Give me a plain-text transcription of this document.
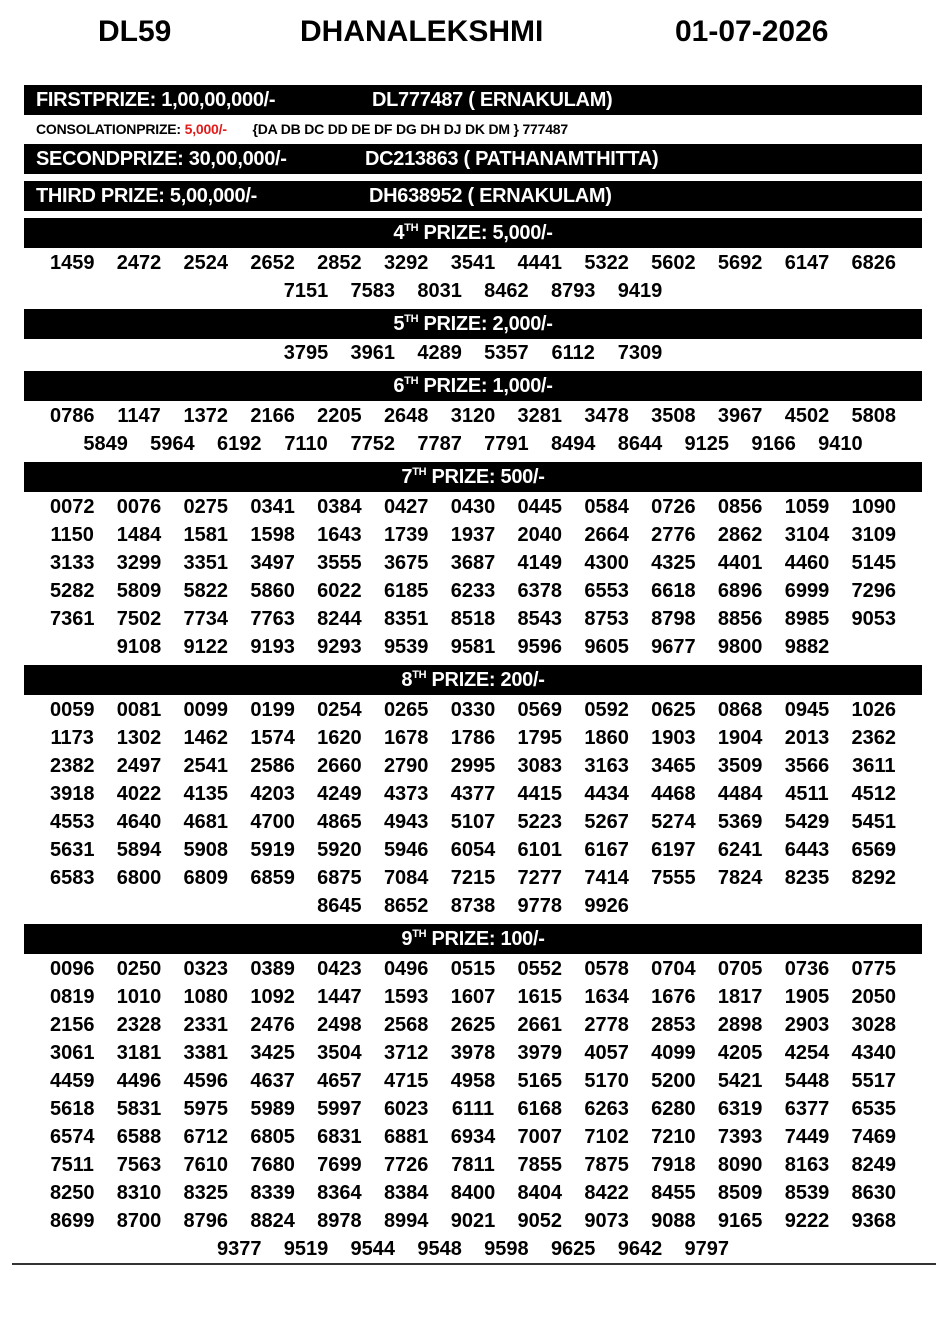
DL59	DHANALEKSHMI	01-07-2026
FIRSTPRIZE: 1,00,00,000/-	DL777487 ( ERNAKULAM)
CONSOLATIONPRIZE: 5,000/- {DA DB DC DD DE DF DG DH DJ DK DM } 777487
SECONDPRIZE: 30,00,000/-	DC213863 ( PATHANAMTHITTA)
THIRD PRIZE: 5,00,000/-	DH638952 ( ERNAKULAM)
4TH PRIZE: 5,000/-
1459	2472	2524	2652	2852	3292	3541	4441	5322	5602	5692	6147	6826
7151	7583	8031	8462	8793	9419
5TH PRIZE: 2,000/-
3795	3961	4289	5357	6112	7309
6TH PRIZE: 1,000/-
0786	1147	1372	2166	2205	2648	3120	3281	3478	3508	3967	4502	5808
5849	5964	6192	7110	7752	7787	7791	8494	8644	9125	9166	9410
7TH PRIZE: 500/-
0072	0076	0275	0341	0384	0427	0430	0445	0584	0726	0856	1059	1090
1150	1484	1581	1598	1643	1739	1937	2040	2664	2776	2862	3104	3109
3133	3299	3351	3497	3555	3675	3687	4149	4300	4325	4401	4460	5145
5282	5809	5822	5860	6022	6185	6233	6378	6553	6618	6896	6999	7296
7361	7502	7734	7763	8244	8351	8518	8543	8753	8798	8856	8985	9053
9108	9122	9193	9293	9539	9581	9596	9605	9677	9800	9882
8TH PRIZE: 200/-
0059	0081	0099	0199	0254	0265	0330	0569	0592	0625	0868	0945	1026
1173	1302	1462	1574	1620	1678	1786	1795	1860	1903	1904	2013	2362
2382	2497	2541	2586	2660	2790	2995	3083	3163	3465	3509	3566	3611
3918	4022	4135	4203	4249	4373	4377	4415	4434	4468	4484	4511	4512
4553	4640	4681	4700	4865	4943	5107	5223	5267	5274	5369	5429	5451
5631	5894	5908	5919	5920	5946	6054	6101	6167	6197	6241	6443	6569
6583	6800	6809	6859	6875	7084	7215	7277	7414	7555	7824	8235	8292
8645	8652	8738	9778	9926
9TH PRIZE: 100/-
0096	0250	0323	0389	0423	0496	0515	0552	0578	0704	0705	0736	0775
0819	1010	1080	1092	1447	1593	1607	1615	1634	1676	1817	1905	2050
2156	2328	2331	2476	2498	2568	2625	2661	2778	2853	2898	2903	3028
3061	3181	3381	3425	3504	3712	3978	3979	4057	4099	4205	4254	4340
4459	4496	4596	4637	4657	4715	4958	5165	5170	5200	5421	5448	5517
5618	5831	5975	5989	5997	6023	6111	6168	6263	6280	6319	6377	6535
6574	6588	6712	6805	6831	6881	6934	7007	7102	7210	7393	7449	7469
7511	7563	7610	7680	7699	7726	7811	7855	7875	7918	8090	8163	8249
8250	8310	8325	8339	8364	8384	8400	8404	8422	8455	8509	8539	8630
8699	8700	8796	8824	8978	8994	9021	9052	9073	9088	9165	9222	9368
9377	9519	9544	9548	9598	9625	9642	9797
